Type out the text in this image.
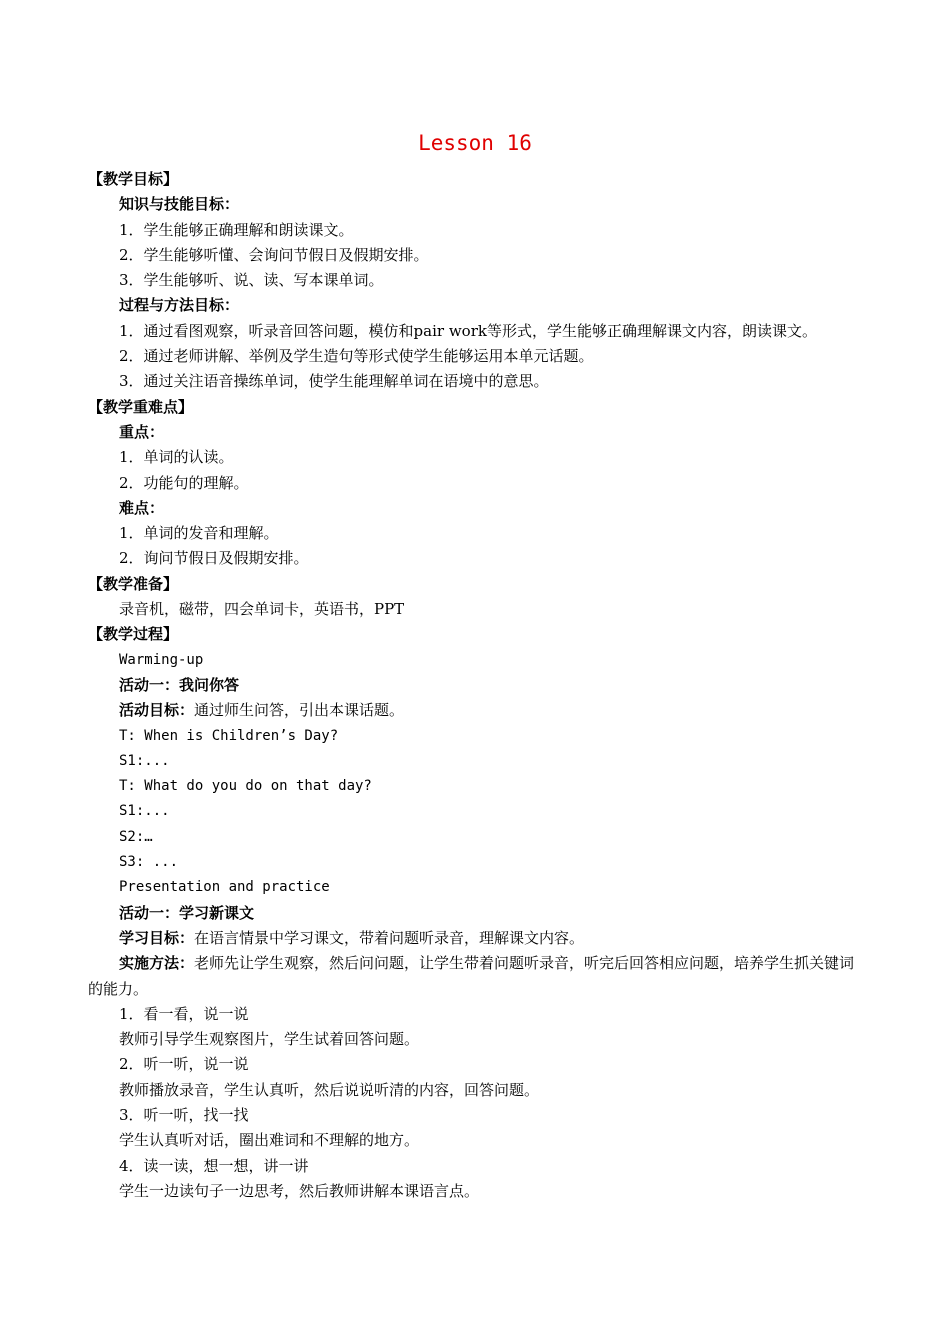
Lesson 16
【教学目标】
知识与技能目标：
1．学生能够正确理解和朗读课文。
2．学生能够听懂、会询问节假日及假期安排。
3．学生能够听、说、读、写本课单词。
过程与方法目标：
1．通过看图观察，听录音回答问题，模仿和pair work等形式，学生能够正确理解课文内容，朗读课文。
2．通过老师讲解、举例及学生造句等形式使学生能够运用本单元话题。
3．通过关注语音操练单词，使学生能理解单词在语境中的意思。
【教学重难点】
重点：
1．单词的认读。
2．功能句的理解。
难点：
1．单词的发音和理解。
2．询问节假日及假期安排。
【教学准备】
录音机，磁带，四会单词卡，英语书，PPT
【教学过程】
Warming-up
活动一：我问你答
活动目标：通过师生问答，引出本课话题。
T: When is Children’s Day?
S1:...
T: What do you do on that day?
S1:...
S2:…
S3: ...
Presentation and practice
活动一：学习新课文
学习目标：在语言情景中学习课文，带着问题听录音，理解课文内容。
实施方法：老师先让学生观察，然后问问题，让学生带着问题听录音，听完后回答相应问题，培养学生抓关键词的能力。
1．看一看，说一说
教师引导学生观察图片，学生试着回答问题。
2．听一听，说一说
教师播放录音，学生认真听，然后说说听清的内容，回答问题。
3．听一听，找一找
学生认真听对话，圈出难词和不理解的地方。
4．读一读，想一想，讲一讲
学生一边读句子一边思考，然后教师讲解本课语言点。
